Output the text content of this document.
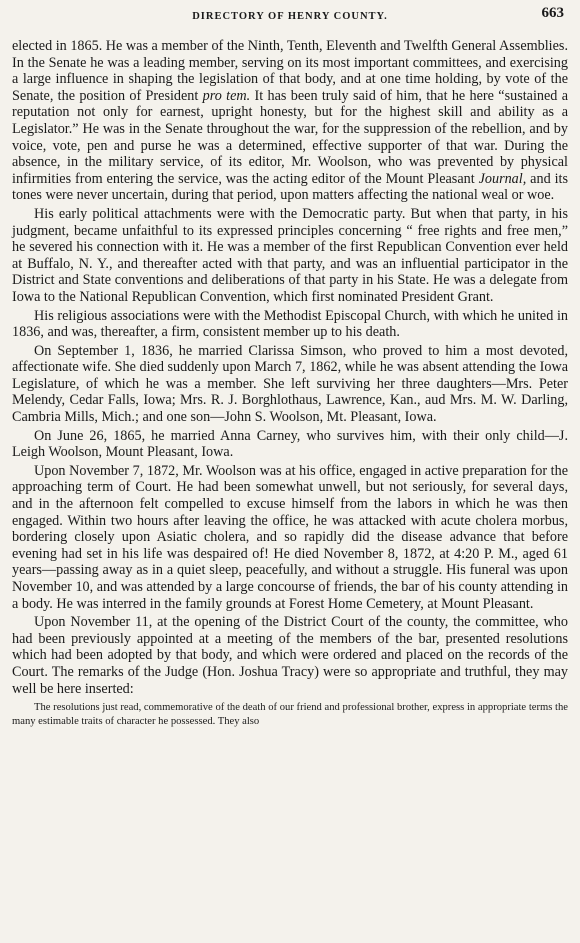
DIRECTORY OF HENRY COUNTY.	663

elected in 1865. He was a member of the Ninth, Tenth, Eleventh and Twelfth General Assemblies. In the Senate he was a leading member, serving on its most important committees, and exercising a large influence in shaping the legislation of that body, and at one time holding, by vote of the Senate, the position of President pro tem. It has been truly said of him, that he here “sustained a reputation not only for earnest, upright honesty, but for the highest skill and ability as a Legislator.” He was in the Senate throughout the war, for the suppression of the rebellion, and by voice, vote, pen and purse he was a determined, effective supporter of that war. During the absence, in the military service, of its editor, Mr. Woolson, who was prevented by physical infirmities from entering the service, was the acting editor of the Mount Pleasant Journal, and its tones were never uncertain, during that period, upon matters affecting the national weal or woe.

His early political attachments were with the Democratic party. But when that party, in his judgment, became unfaithful to its expressed principles concerning “ free rights and free men,” he severed his connection with it. He was a member of the first Republican Convention ever held at Buffalo, N. Y., and thereafter acted with that party, and was an influential participator in the District and State conventions and deliberations of that party in his State. He was a delegate from Iowa to the National Republican Convention, which first nominated President Grant.

His religious associations were with the Methodist Episcopal Church, with which he united in 1836, and was, thereafter, a firm, consistent member up to his death.

On September 1, 1836, he married Clarissa Simson, who proved to him a most devoted, affectionate wife. She died suddenly upon March 7, 1862, while he was absent attending the Iowa Legislature, of which he was a member. She left surviving her three daughters—Mrs. Peter Melendy, Cedar Falls, Iowa; Mrs. R. J. Borghlothaus, Lawrence, Kan., aud Mrs. M. W. Darling, Cambria Mills, Mich.; and one son—John S. Woolson, Mt. Pleasant, Iowa.

On June 26, 1865, he married Anna Carney, who survives him, with their only child—J. Leigh Woolson, Mount Pleasant, Iowa.

Upon November 7, 1872, Mr. Woolson was at his office, engaged in active preparation for the approaching term of Court. He had been somewhat unwell, but not seriously, for several days, and in the afternoon felt compelled to excuse himself from the labors in which he was then engaged. Within two hours after leaving the office, he was attacked with acute cholera morbus, bordering closely upon Asiatic cholera, and so rapidly did the disease advance that before evening had set in his life was despaired of! He died November 8, 1872, at 4:20 P. M., aged 61 years—passing away as in a quiet sleep, peacefully, and without a struggle. His funeral was upon November 10, and was attended by a large concourse of friends, the bar of his county attending in a body. He was interred in the family grounds at Forest Home Cemetery, at Mount Pleasant.

Upon November 11, at the opening of the District Court of the county, the committee, who had been previously appointed at a meeting of the members of the bar, presented resolutions which had been adopted by that body, and which were ordered and placed on the records of the Court. The remarks of the Judge (Hon. Joshua Tracy) were so appropriate and truthful, they may well be here inserted:

The resolutions just read, commemorative of the death of our friend and professional brother, express in appropriate terms the many estimable traits of character he possessed. They also
